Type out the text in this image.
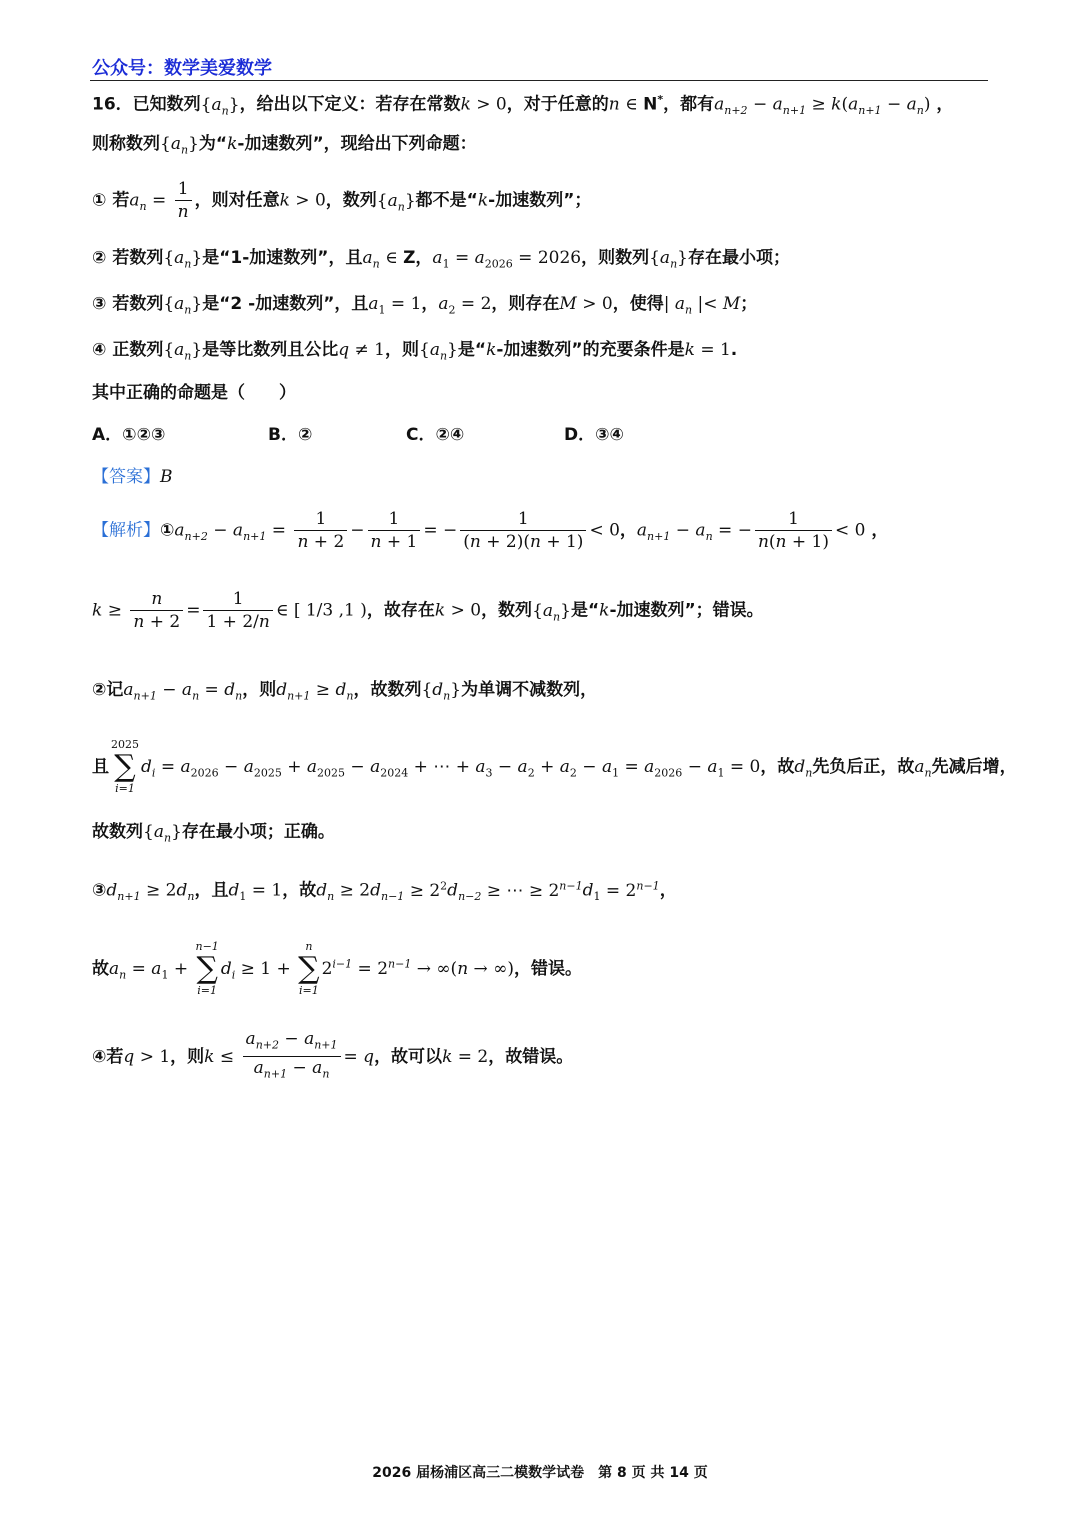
公众号：数学美爱数学
16．已知数列$\{a_n\}$，给出以下定义：若存在常数k > 0，对于任意的n ∈ N*，都有$a_{n+2} - a_{n+1} \ge k(a_{n+1} - a_n)$ ，
则称数列$\{a_n\}$为“k-加速数列”，现给出下列命题：
① 若$a_n = \frac{1}{n}$ ，则对任意k > 0，数列$\{a_n\}$都不是“k-加速数列”；
② 若数列$\{a_n\}$是“1-加速数列”，且$a_n$ ∈ Z，$a_1 = a_{2026} = 2026$，则数列$\{a_n\}$存在最小项；
③ 若数列$\{a_n\}$是“2 -加速数列”，且$a_1 = 1$，$a_2 = 2$，则存在M > 0，使得| $a_n$ |< M；
④ 正数列$\{a_n\}$是等比数列且公比q ≠ 1，则$\{a_n\}$是“k-加速数列”的充要条件是k = 1.
其中正确的命题是（　　）
A．①②③	B．②	C．②④	D．③④
【答案】B
【解析】$①a_{n+2} - a_{n+1} = \frac{1}{n + 2} - \frac{1}{n + 1}$ = − $\frac{1}{(n + 2)(n + 1)} < 0$，$a_{n+1} - a_n$ = − $\frac{1}{n(n + 1)} < 0$ ，
$k \ge \frac{n}{n + 2} = \frac{1}{1 + 2/n}$ ∈ [ 1/3 ,1 )，故存在k > 0，数列$\{a_n\}$是“k-加速数列”；错误。
②记$a_{n+1} - a_n = d_n$，则$d_{n+1} \ge d_n$，故数列$\{d_n\}$为单调不减数列，
且
2025
∑
i=1
$d_i = a_{2026} - a_{2025} + a_{2025} - a_{2024}$ + ⋯ + $a_3 - a_2 + a_2 - a_1 = a_{2026} - a_1 = 0$，故$d_n$先负后正，故$a_n$先减后增，
故数列$\{a_n\}$存在最小项；正确。
$③d_{n+1} \ge 2d_n$，且$d_1 = 1$，故$d_n \ge 2d_{n-1} \ge 2^2d_{n-2}$ ≥ ⋯ ≥ $2^{n-1}d_1 = 2^{n-1}$，
故$a_n = a_1$ +
n−1
∑
i=1
$d_i \ge 1$ +
n
∑
i=1
$2^{i-1} = 2^{n-1} \to \infty(n$ → ∞)，错误。
④若q > 1，则$k \le \frac{a_{n+2} - a_{n+1}}{a_{n+1} - a_n} = q$，故可以k = 2，故错误。
2026 届杨浦区高三二模数学试卷　第 8 页 共 14 页
